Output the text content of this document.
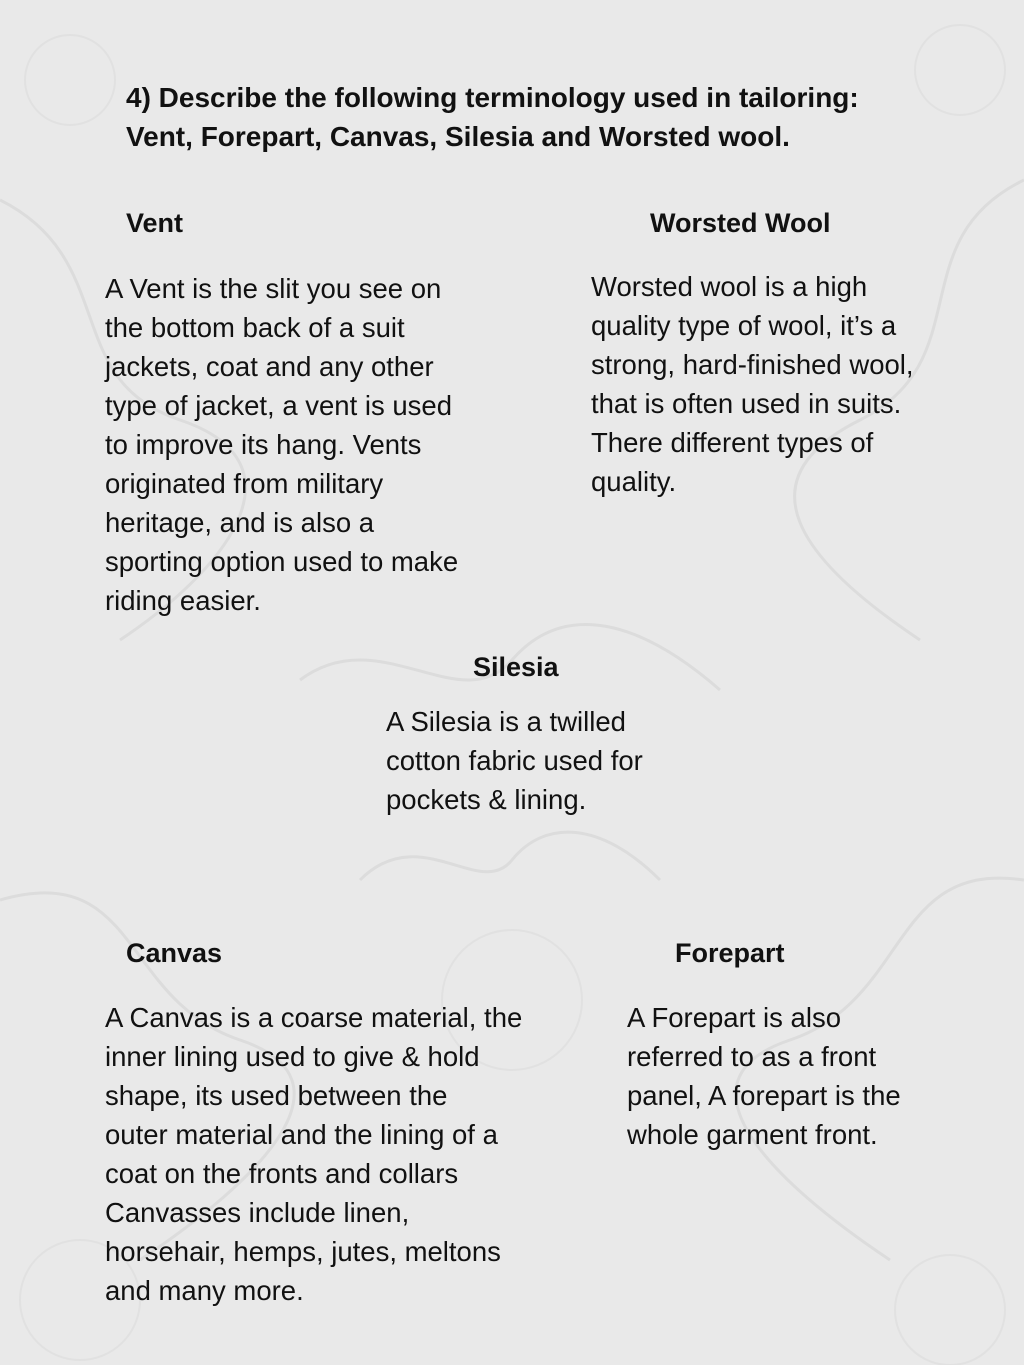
4) Describe the following terminology used in tailoring:
Vent, Forepart, Canvas, Silesia and Worsted wool.
Vent

A Vent is the slit you see on
the bottom back of a suit
jackets, coat and any other
type of jacket, a vent is used
to improve its hang. Vents
originated from military
heritage, and is also a
sporting option used to make
riding easier.

Worsted Wool

Worsted wool is a high
quality type of wool, it’s a
strong, hard-finished wool,
that is often used in suits.
There different types of
quality.

Silesia

A Silesia is a twilled
cotton fabric used for
pockets & lining.

Canvas

A Canvas is a coarse material, the
inner lining used to give & hold
shape, its used between the
outer material and the lining of a
coat on the fronts and collars
Canvasses include linen,
horsehair, hemps, jutes, meltons
and many more.

Forepart

A Forepart is also
referred to as a front
panel, A forepart is the
whole garment front.
